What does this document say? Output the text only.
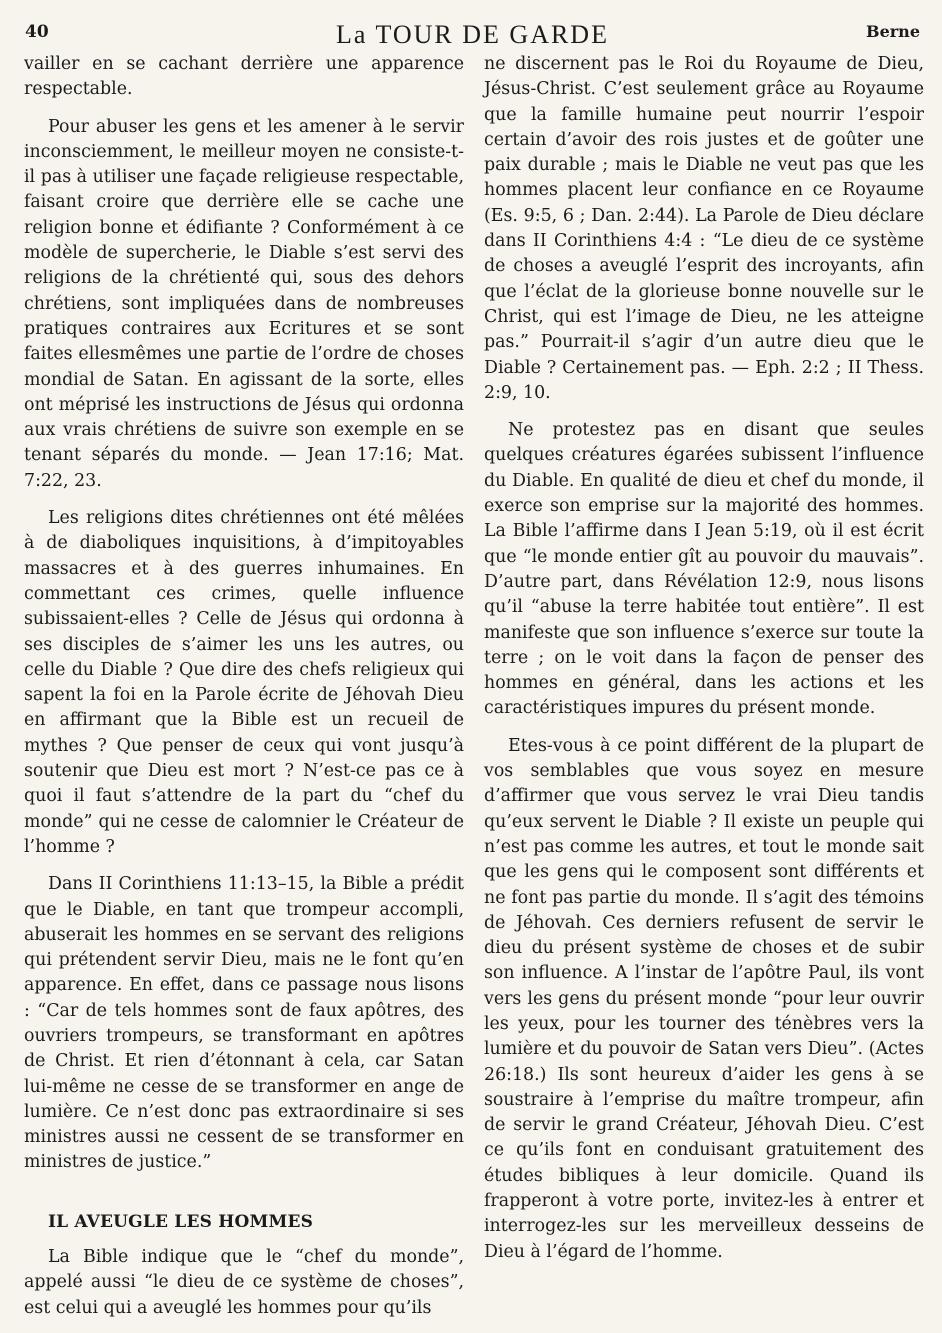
40	La TOUR DE GARDE	Berne

vailler en se cachant derrière une apparence respectable.

Pour abuser les gens et les amener à le servir inconsciemment, le meilleur moyen ne consiste-t-il pas à utiliser une façade religieuse respectable, faisant croire que derrière elle se cache une religion bonne et édifiante ? Conformément à ce modèle de supercherie, le Diable s’est servi des religions de la chrétienté qui, sous des dehors chrétiens, sont impliquées dans de nombreuses pratiques contraires aux Ecritures et se sont faites ellesmêmes une partie de l’ordre de choses mondial de Satan. En agissant de la sorte, elles ont méprisé les instructions de Jésus qui ordonna aux vrais chrétiens de suivre son exemple en se tenant séparés du monde. — Jean 17:16; Mat. 7:22, 23.

Les religions dites chrétiennes ont été mêlées à de diaboliques inquisitions, à d’impitoyables massacres et à des guerres inhumaines. En commettant ces crimes, quelle influence subissaient-elles ? Celle de Jésus qui ordonna à ses disciples de s’aimer les uns les autres, ou celle du Diable ? Que dire des chefs religieux qui sapent la foi en la Parole écrite de Jéhovah Dieu en affirmant que la Bible est un recueil de mythes ? Que penser de ceux qui vont jusqu’à soutenir que Dieu est mort ? N’est-ce pas ce à quoi il faut s’attendre de la part du “chef du monde” qui ne cesse de calomnier le Créateur de l’homme ?

Dans II Corinthiens 11:13–15, la Bible a prédit que le Diable, en tant que trompeur accompli, abuserait les hommes en se servant des religions qui prétendent servir Dieu, mais ne le font qu’en apparence. En effet, dans ce passage nous lisons : “Car de tels hommes sont de faux apôtres, des ouvriers trompeurs, se transformant en apôtres de Christ. Et rien d’étonnant à cela, car Satan lui-même ne cesse de se transformer en ange de lumière. Ce n’est donc pas extraordinaire si ses ministres aussi ne cessent de se transformer en ministres de justice.”

IL AVEUGLE LES HOMMES

La Bible indique que le “chef du monde”, appelé aussi “le dieu de ce système de choses”, est celui qui a aveuglé les hommes pour qu’ils

ne discernent pas le Roi du Royaume de Dieu, Jésus-Christ. C’est seulement grâce au Royaume que la famille humaine peut nourrir l’espoir certain d’avoir des rois justes et de goûter une paix durable ; mais le Diable ne veut pas que les hommes placent leur confiance en ce Royaume (Es. 9:5, 6 ; Dan. 2:44). La Parole de Dieu déclare dans II Corinthiens 4:4 : “Le dieu de ce système de choses a aveuglé l’esprit des incroyants, afin que l’éclat de la glorieuse bonne nouvelle sur le Christ, qui est l’image de Dieu, ne les atteigne pas.” Pourrait-il s’agir d’un autre dieu que le Diable ? Certainement pas. — Eph. 2:2 ; II Thess. 2:9, 10.

Ne protestez pas en disant que seules quelques créatures égarées subissent l’influence du Diable. En qualité de dieu et chef du monde, il exerce son emprise sur la majorité des hommes. La Bible l’affirme dans I Jean 5:19, où il est écrit que “le monde entier gît au pouvoir du mauvais”. D’autre part, dans Révélation 12:9, nous lisons qu’il “abuse la terre habitée tout entière”. Il est manifeste que son influence s’exerce sur toute la terre ; on le voit dans la façon de penser des hommes en général, dans les actions et les caractéristiques impures du présent monde.

Etes-vous à ce point différent de la plupart de vos semblables que vous soyez en mesure d’affirmer que vous servez le vrai Dieu tandis qu’eux servent le Diable ? Il existe un peuple qui n’est pas comme les autres, et tout le monde sait que les gens qui le composent sont différents et ne font pas partie du monde. Il s’agit des témoins de Jéhovah. Ces derniers refusent de servir le dieu du présent système de choses et de subir son influence. A l’instar de l’apôtre Paul, ils vont vers les gens du présent monde “pour leur ouvrir les yeux, pour les tourner des ténèbres vers la lumière et du pouvoir de Satan vers Dieu”. (Actes 26:18.) Ils sont heureux d’aider les gens à se soustraire à l’emprise du maître trompeur, afin de servir le grand Créateur, Jéhovah Dieu. C’est ce qu’ils font en conduisant gratuitement des études bibliques à leur domicile. Quand ils frapperont à votre porte, invitez-les à entrer et interrogez-les sur les merveilleux desseins de Dieu à l’égard de l’homme.
